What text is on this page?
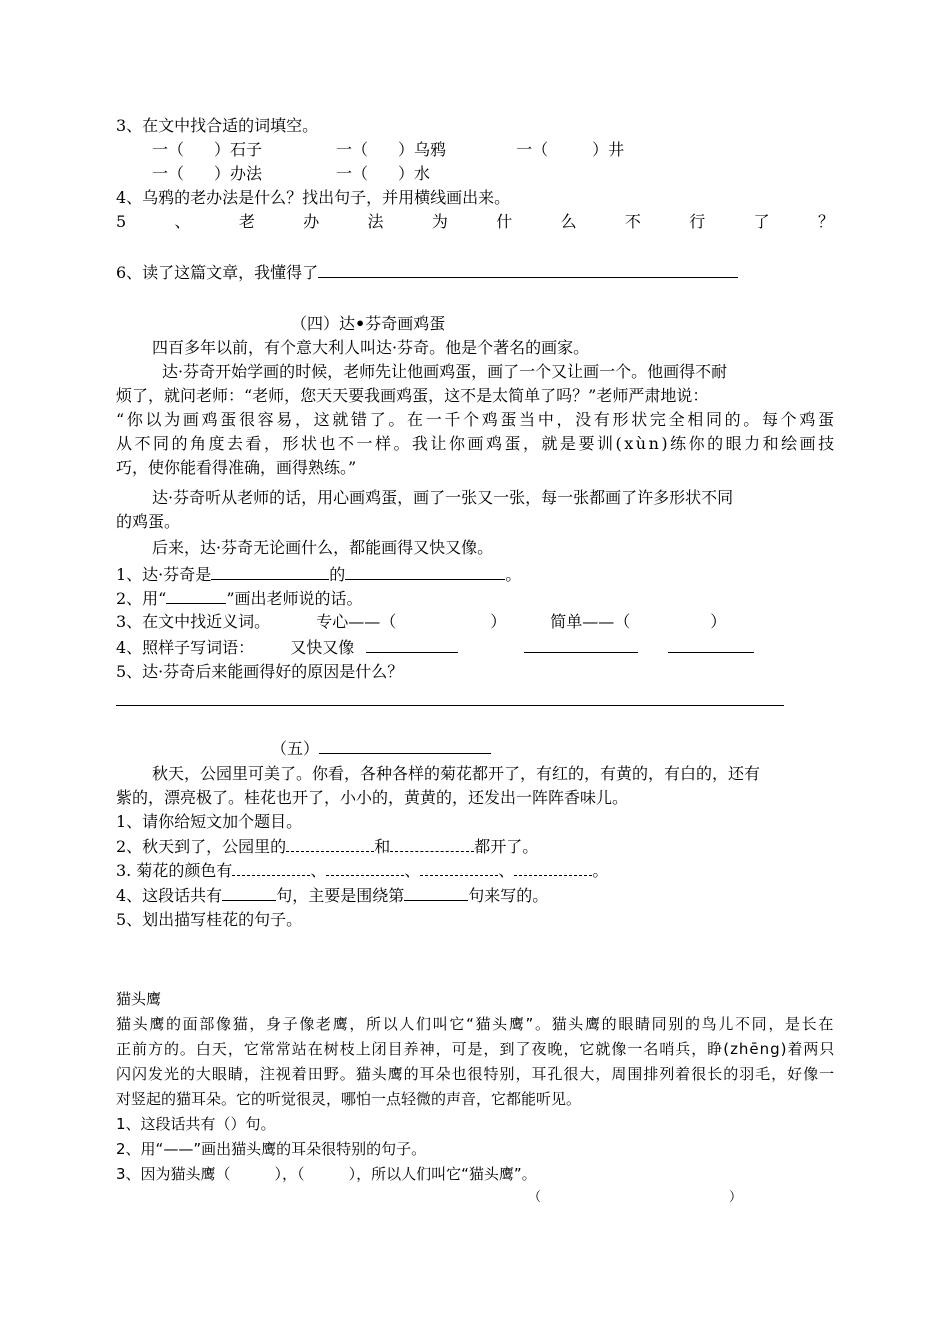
3、在文中找合适的词填空。
一（ ）石子	一（ ）乌鸦	一（	）井
一（ ）办法	一（ ）水
4、乌鸦的老办法是什么？找出句子，并用横线画出来。
5	、	老	办	法	为	什	么	不	行	了	？
6、读了这篇文章，我懂得了
（四）达•芬奇画鸡蛋
四百多年以前，有个意大利人叫达·芬奇。他是个著名的画家。
达·芬奇开始学画的时候，老师先让他画鸡蛋，画了一个又让画一个。他画得不耐
烦了，就问老师：“老师，您天天要我画鸡蛋，这不是太简单了吗？”老师严肃地说：
“你以为画鸡蛋很容易，这就错了。在一千个鸡蛋当中，没有形状完全相同的。每个鸡蛋
从不同的角度去看，形状也不一样。我让你画鸡蛋，就是要训(xùn)练你的眼力和绘画技
巧，使你能看得准确，画得熟练。”
达·芬奇听从老师的话，用心画鸡蛋，画了一张又一张，每一张都画了许多形状不同
的鸡蛋。
后来，达·芬奇无论画什么，都能画得又快又像。
1、达·芬奇是	的	。
2、用“	”画出老师说的话。
3、在文中找近义词。	专心——（	）	简单——（	）
4、照样子写词语： 又快又像
5、达·芬奇后来能画得好的原因是什么？
（五）
秋天，公园里可美了。你看，各种各样的菊花都开了，有红的，有黄的，有白的，还有
紫的，漂亮极了。桂花也开了，小小的，黄黄的，还发出一阵阵香味儿。
1、请你给短文加个题目。
2、秋天到了，公园里的	和	都开了。
3. 菊花的颜色有	、	、	、	。
4、这段话共有	句，主要是围绕第	句来写的。
5、划出描写桂花的句子。
猫头鹰
猫头鹰的面部像猫，身子像老鹰，所以人们叫它“猫头鹰”。猫头鹰的眼睛同别的鸟儿不同，是长在
正前方的。白天，它常常站在树枝上闭目养神，可是，到了夜晚，它就像一名哨兵，睁(zhēng)着两只
闪闪发光的大眼睛，注视着田野。猫头鹰的耳朵也很特别，耳孔很大，周围排列着很长的羽毛，好像一
对竖起的猫耳朵。它的听觉很灵，哪怕一点轻微的声音，它都能听见。
1、这段话共有（）句。
2、用“——”画出猫头鹰的耳朵很特别的句子。
3、因为猫头鹰（	），（	），所以人们叫它“猫头鹰”。
（	）
